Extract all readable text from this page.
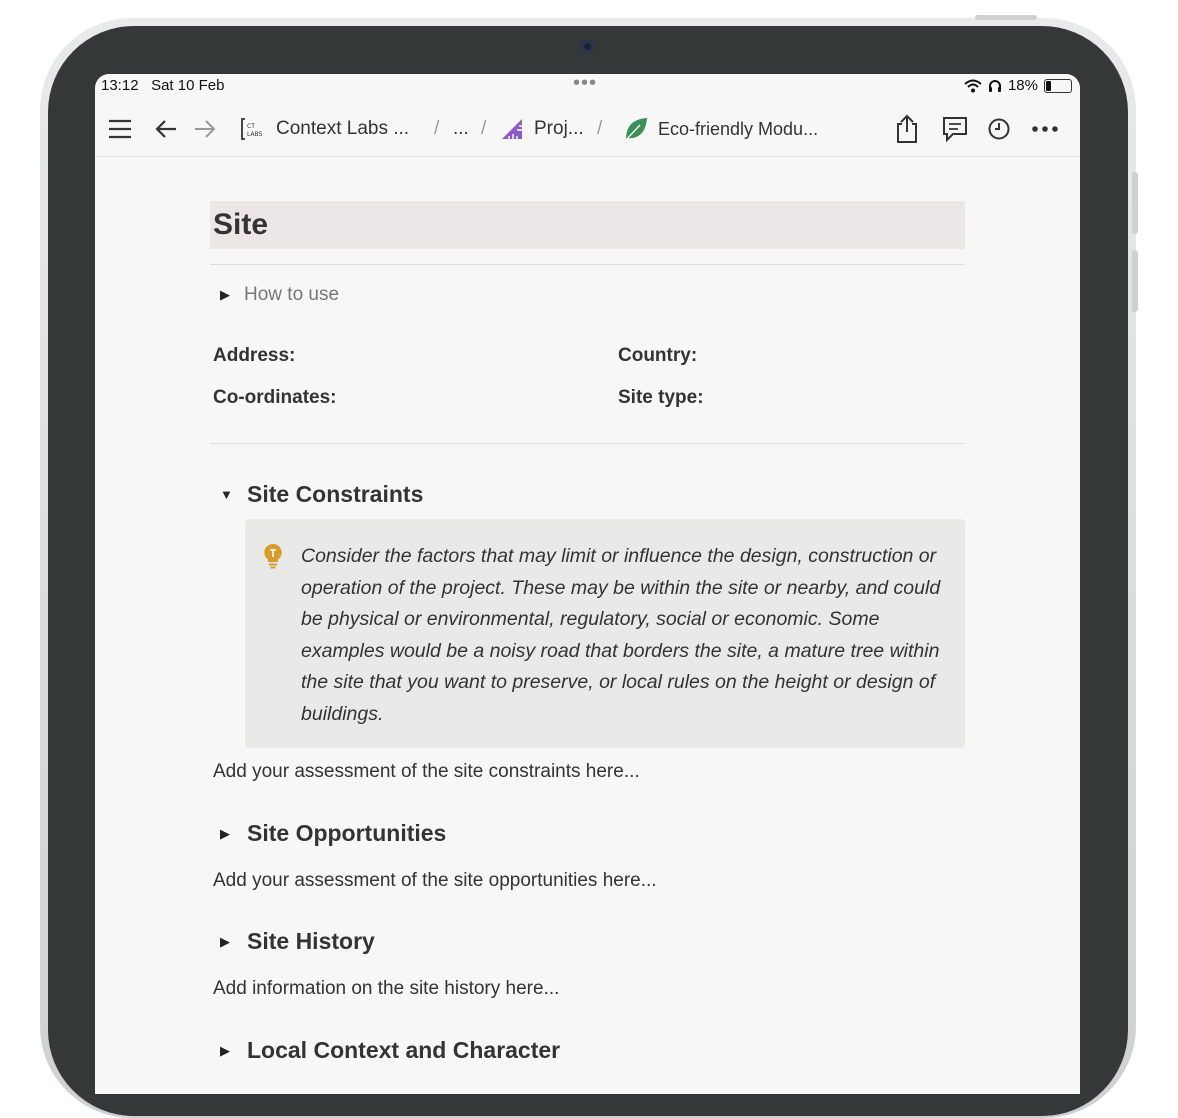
13:12 Sat 10 Feb	•••	18%
CT
LABS Context Labs ... / ... /	Proj... /	Eco-friendly Modu...
Site
▶ How to use
Address:	Country:
Co-ordinates:	Site type:
▼ Site Constraints
Consider the factors that may limit or influence the design, construction or operation of the project. These may be within the site or nearby, and could be physical or environmental, regulatory, social or economic. Some examples would be a noisy road that borders the site, a mature tree within the site that you want to preserve, or local rules on the height or design of buildings.
Add your assessment of the site constraints here...
▶ Site Opportunities
Add your assessment of the site opportunities here...
▶ Site History
Add information on the site history here...
▶ Local Context and Character
